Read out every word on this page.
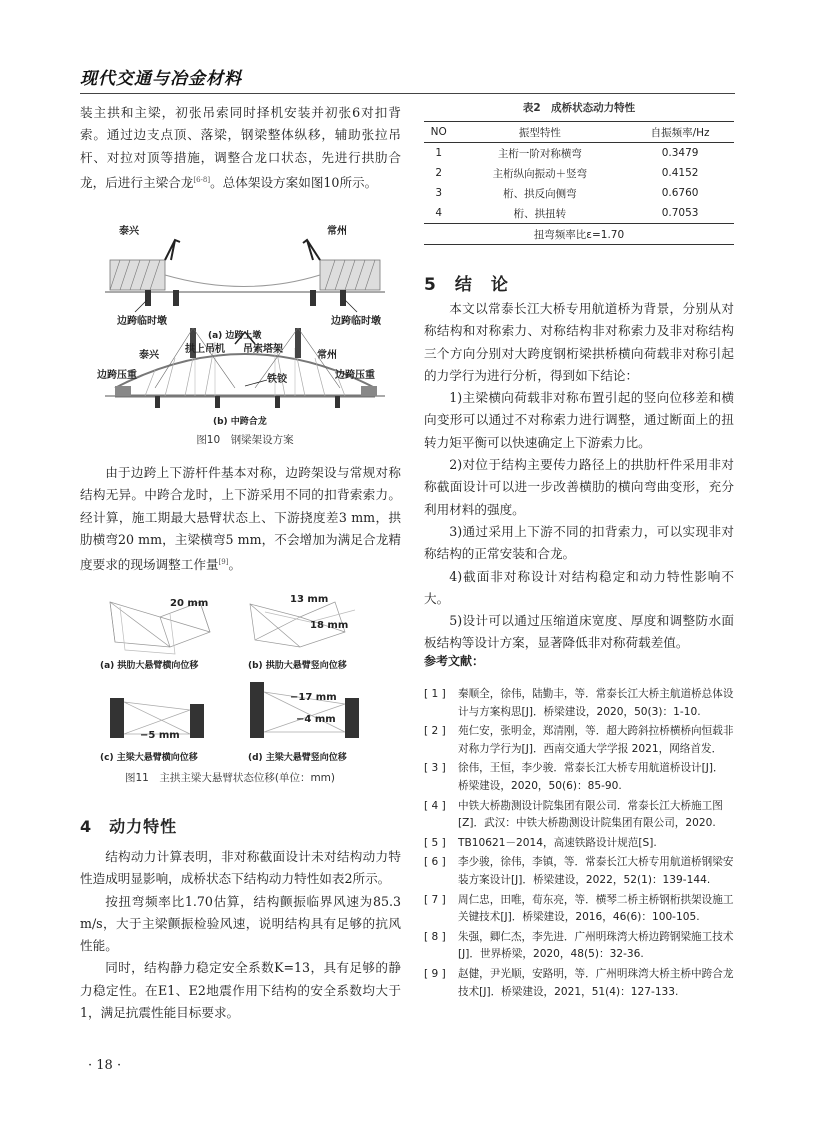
现代交通与冶金材料

装主拱和主梁，初张吊索同时择机安装并初张6对扣背索。通过边支点顶、落梁，钢梁整体纵移，辅助张拉吊杆、对拉对顶等措施，调整合龙口状态，先进行拱肋合龙，后进行主梁合龙[6-8]。总体架设方案如图10所示。

泰兴	常州
边跨临时墩	边跨临时墩
(a) 边跨上墩
拱上吊机 吊索塔架
泰兴	常州
边跨压重	边跨压重
铁铰
(b) 中跨合龙
图10　钢梁架设方案

由于边跨上下游杆件基本对称，边跨架设与常规对称结构无异。中跨合龙时，上下游采用不同的扣背索索力。经计算，施工期最大悬臂状态上、下游挠度差3 mm，拱肋横弯20 mm，主梁横弯5 mm，不会增加为满足合龙精度要求的现场调整工作量[9]。

20 mm	13 mm
18 mm
−5 mm
−17 mm
−4 mm
(a) 拱肋大悬臂横向位移	(b) 拱肋大悬臂竖向位移
(c) 主梁大悬臂横向位移	(d) 主梁大悬臂竖向位移
图11　主拱主梁大悬臂状态位移(单位：mm)
4　动力特性

结构动力计算表明，非对称截面设计未对结构动力特性造成明显影响，成桥状态下结构动力特性如表2所示。

按扭弯频率比1.70估算，结构颤振临界风速为85.3 m/s，大于主梁颤振检验风速，说明结构具有足够的抗风性能。

同时，结构静力稳定安全系数K=13，具有足够的静力稳定性。在E1、E2地震作用下结构的安全系数均大于1，满足抗震性能目标要求。

· 18 ·
表2　成桥状态动力特性
NO	振型特性	自振频率/Hz
1	主桁一阶对称横弯	0.3479
2	主桁纵向振动＋竖弯	0.4152
3	桁、拱反向侧弯	0.6760
4	桁、拱扭转	0.7053
扭弯频率比ε=1.70		
5　结　论

本文以常泰长江大桥专用航道桥为背景，分别从对称结构和对称索力、对称结构非对称索力及非对称结构三个方向分别对大跨度钢桁梁拱桥横向荷载非对称引起的力学行为进行分析，得到如下结论：

1)主梁横向荷载非对称布置引起的竖向位移差和横向变形可以通过不对称索力进行调整，通过断面上的扭转力矩平衡可以快速确定上下游索力比。

2)对位于结构主要传力路径上的拱肋杆件采用非对称截面设计可以进一步改善横肋的横向弯曲变形，充分利用材料的强度。

3)通过采用上下游不同的扣背索力，可以实现非对称结构的正常安装和合龙。

4)截面非对称设计对结构稳定和动力特性影响不大。

5)设计可以通过压缩道床宽度、厚度和调整防水面板结构等设计方案，显著降低非对称荷载差值。

参考文献：
[ 1 ]	秦顺全，徐伟，陆勤丰，等．常泰长江大桥主航道桥总体设计与方案构思[J]．桥梁建设，2020，50(3)：1-10.
[ 2 ]	苑仁安，张明金，郑清刚，等．超大跨斜拉桥横桥向恒载非对称力学行为[J]．西南交通大学学报 2021，网络首发．
[ 3 ]	徐伟，王恒，李少骏．常泰长江大桥专用航道桥设计[J]．桥梁建设，2020，50(6)：85-90.
[ 4 ]	中铁大桥勘测设计院集团有限公司．常泰长江大桥施工图[Z]．武汉：中铁大桥勘测设计院集团有限公司，2020.
[ 5 ]	TB10621－2014，高速铁路设计规范[S].
[ 6 ]	李少骏，徐伟，李镇，等．常泰长江大桥专用航道桥钢梁安装方案设计[J]．桥梁建设，2022，52(1)：139-144.
[ 7 ]	周仁忠，田唯，荀东亮，等．横琴二桥主桥钢桁拱架设施工关键技术[J]．桥梁建设，2016，46(6)：100-105.
[ 8 ]	朱强，卿仁杰，李先进．广州明珠湾大桥边跨钢梁施工技术[J]．世界桥梁，2020，48(5)：32-36.
[ 9 ]	赵健，尹光顺，安路明，等．广州明珠湾大桥主桥中跨合龙技术[J]．桥梁建设，2021，51(4)：127-133.
